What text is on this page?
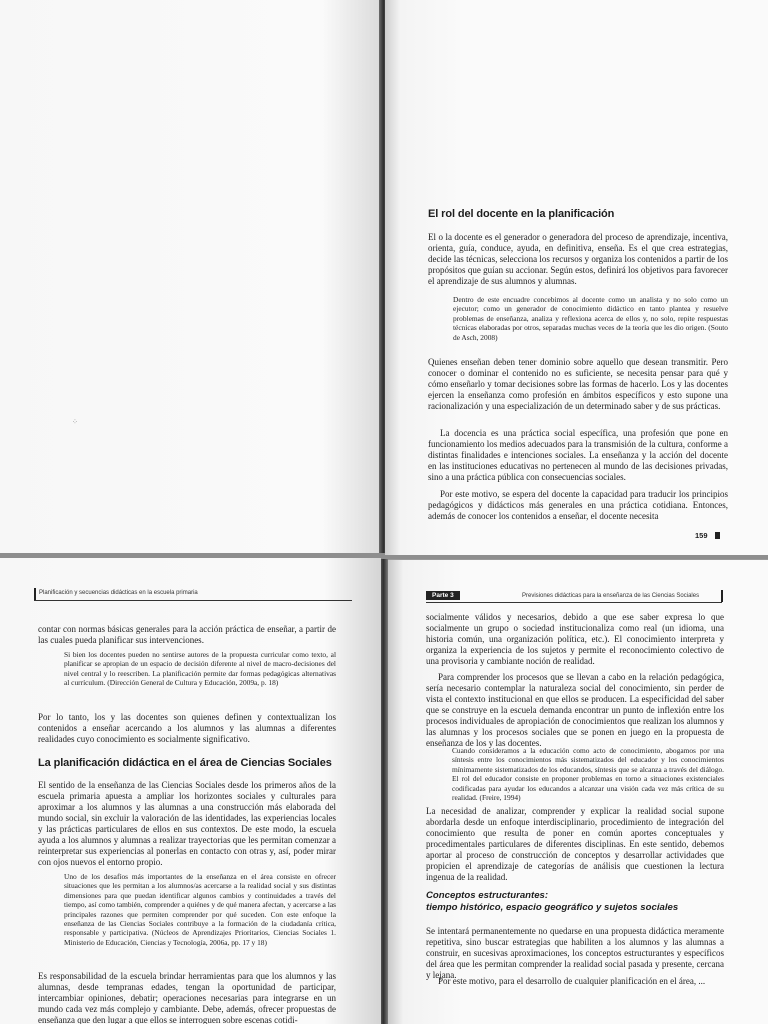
⁘
El rol del docente en la planificación

El o la docente es el generador o generadora del proceso de aprendizaje, incentiva, orienta, guía, conduce, ayuda, en definitiva, enseña. Es el que crea estrategias, decide las técnicas, selecciona los recursos y organiza los contenidos a partir de los propósitos que guían su accionar. Según estos, definirá los objetivos para favorecer el aprendizaje de sus alumnos y alumnas.

Dentro de este encuadre concebimos al docente como un analista y no solo como un ejecutor; como un generador de conocimiento didáctico en tanto plantea y resuelve problemas de enseñanza, analiza y reflexiona acerca de ellos y, no solo, repite respuestas técnicas elaboradas por otros, separadas muchas veces de la teoría que les dio origen. (Souto de Asch, 2008)

Quienes enseñan deben tener dominio sobre aquello que desean transmitir. Pero conocer o dominar el contenido no es suficiente, se necesita pensar para qué y cómo enseñarlo y tomar decisiones sobre las formas de hacerlo. Los y las docentes ejercen la enseñanza como profesión en ámbitos específicos y esto supone una racionalización y una especialización de un determinado saber y de sus prácticas.

La docencia es una práctica social específica, una profesión que pone en funcionamiento los medios adecuados para la transmisión de la cultura, conforme a distintas finalidades e intenciones sociales. La enseñanza y la acción del docente en las instituciones educativas no pertenecen al mundo de las decisiones privadas, sino a una práctica pública con consecuencias sociales.

Por este motivo, se espera del docente la capacidad para traducir los principios pedagógicos y didácticos más generales en una práctica cotidiana. Entonces, además de conocer los contenidos a enseñar, el docente necesita

159
Planificación y secuencias didácticas en la escuela primaria

contar con normas básicas generales para la acción práctica de enseñar, a partir de las cuales pueda planificar sus intervenciones.

Si bien los docentes pueden no sentirse autores de la propuesta curricular como texto, al planificar se apropian de un espacio de decisión diferente al nivel de macro-decisiones del nivel central y lo reescriben. La planificación permite dar formas pedagógicas alternativas al currículum. (Dirección General de Cultura y Educación, 2009a, p. 18)

Por lo tanto, los y las docentes son quienes definen y contextualizan los contenidos a enseñar acercando a los alumnos y las alumnas a diferentes realidades cuyo conocimiento es socialmente significativo.

La planificación didáctica en el área de Ciencias Sociales

El sentido de la enseñanza de las Ciencias Sociales desde los primeros años de la escuela primaria apuesta a ampliar los horizontes sociales y culturales para aproximar a los alumnos y las alumnas a una construcción más elaborada del mundo social, sin excluir la valoración de las identidades, las experiencias locales y las prácticas particulares de ellos en sus contextos. De este modo, la escuela ayuda a los alumnos y alumnas a realizar trayectorias que les permitan comenzar a reinterpretar sus experiencias al ponerlas en contacto con otras y, así, poder mirar con ojos nuevos el entorno propio.

Uno de los desafíos más importantes de la enseñanza en el área consiste en ofrecer situaciones que les permitan a los alumnos/as acercarse a la realidad social y sus distintas dimensiones para que puedan identificar algunos cambios y continuidades a través del tiempo, así como también, comprender a quiénes y de qué manera afectan, y acercarse a las principales razones que permiten comprender por qué suceden. Con este enfoque la enseñanza de las Ciencias Sociales contribuye a la formación de la ciudadanía crítica, responsable y participativa. (Núcleos de Aprendizajes Prioritarios, Ciencias Sociales 1. Ministerio de Educación, Ciencias y Tecnología, 2006a, pp. 17 y 18)

Es responsabilidad de la escuela brindar herramientas para que los alumnos y las alumnas, desde tempranas edades, tengan la oportunidad de participar, intercambiar opiniones, debatir; operaciones necesarias para integrarse en un mundo cada vez más complejo y cambiante. Debe, además, ofrecer propuestas de enseñanza que den lugar a que ellos se interroguen sobre escenas cotidi-

Parte 3	Previsiones didácticas para la enseñanza de las Ciencias Sociales

socialmente válidos y necesarios, debido a que ese saber expresa lo que socialmente un grupo o sociedad institucionaliza como real (un idioma, una historia común, una organización política, etc.). El conocimiento interpreta y organiza la experiencia de los sujetos y permite el reconocimiento colectivo de una provisoria y cambiante noción de realidad.

Para comprender los procesos que se llevan a cabo en la relación pedagógica, sería necesario contemplar la naturaleza social del conocimiento, sin perder de vista el contexto institucional en que ellos se producen. La especificidad del saber que se construye en la escuela demanda encontrar un punto de inflexión entre los procesos individuales de apropiación de conocimientos que realizan los alumnos y las alumnas y los procesos sociales que se ponen en juego en la propuesta de enseñanza de los y las docentes.

Cuando consideramos a la educación como acto de conocimiento, abogamos por una síntesis entre los conocimientos más sistematizados del educador y los conocimientos mínimamente sistematizados de los educandos, síntesis que se alcanza a través del diálogo. El rol del educador consiste en proponer problemas en torno a situaciones existenciales codificadas para ayudar los educandos a alcanzar una visión cada vez más crítica de su realidad. (Freire, 1994)

La necesidad de analizar, comprender y explicar la realidad social supone abordarla desde un enfoque interdisciplinario, procedimiento de integración del conocimiento que resulta de poner en común aportes conceptuales y procedimentales particulares de diferentes disciplinas. En este sentido, debemos aportar al proceso de construcción de conceptos y desarrollar actividades que propicien el aprendizaje de categorías de análisis que cuestionen la lectura ingenua de la realidad.

Conceptos estructurantes:
tiempo histórico, espacio geográfico y sujetos sociales

Se intentará permanentemente no quedarse en una propuesta didáctica meramente repetitiva, sino buscar estrategias que habiliten a los alumnos y las alumnas a construir, en sucesivas aproximaciones, los conceptos estructurantes y específicos del área que les permitan comprender la realidad social pasada y presente, cercana y lejana.

Por este motivo, para el desarrollo de cualquier planificación en el área, ...
